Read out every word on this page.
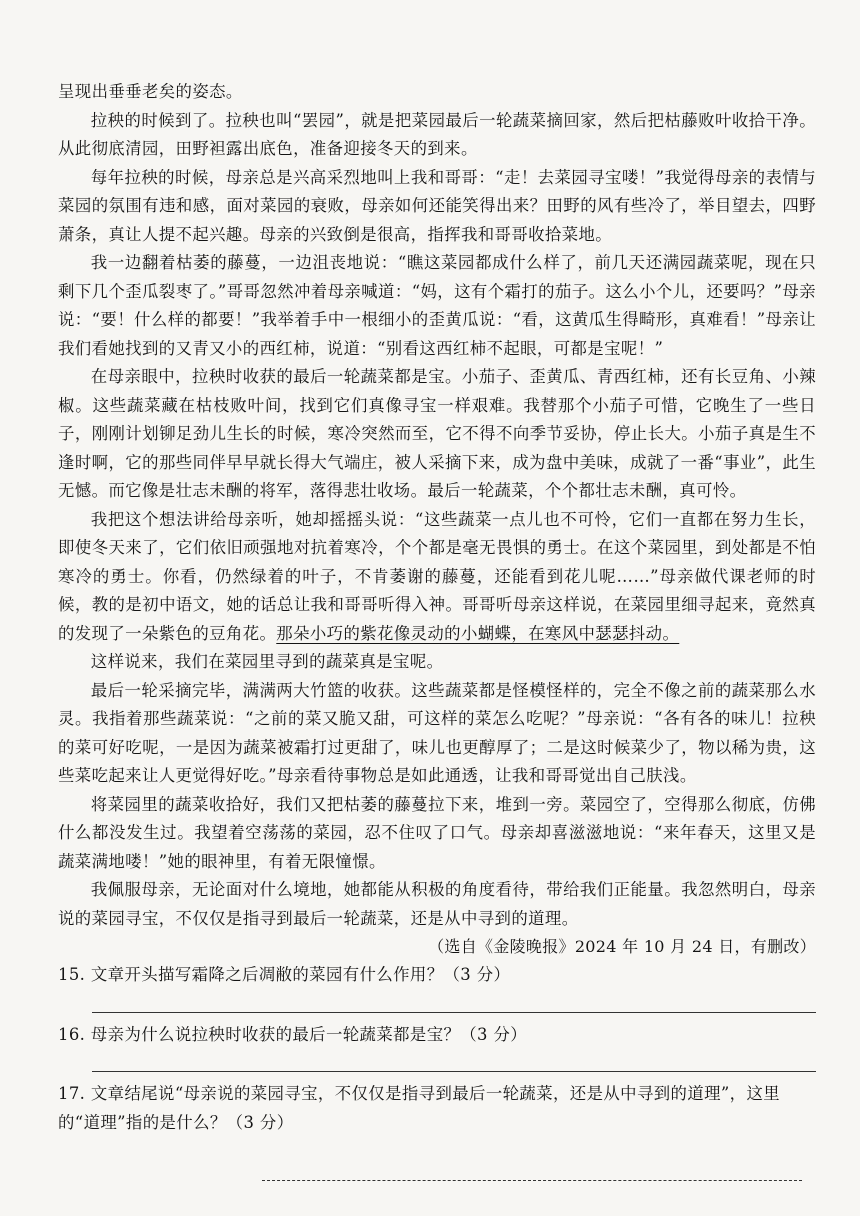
呈现出垂垂老矣的姿态。

拉秧的时候到了。拉秧也叫“罢园”，就是把菜园最后一轮蔬菜摘回家，然后把枯藤败叶收拾干净。从此彻底清园，田野袒露出底色，准备迎接冬天的到来。

每年拉秧的时候，母亲总是兴高采烈地叫上我和哥哥：“走！去菜园寻宝喽！”我觉得母亲的表情与菜园的氛围有违和感，面对菜园的衰败，母亲如何还能笑得出来？田野的风有些冷了，举目望去，四野萧条，真让人提不起兴趣。母亲的兴致倒是很高，指挥我和哥哥收拾菜地。

我一边翻着枯萎的藤蔓，一边沮丧地说：“瞧这菜园都成什么样了，前几天还满园蔬菜呢，现在只剩下几个歪瓜裂枣了。”哥哥忽然冲着母亲喊道：“妈，这有个霜打的茄子。这么小个儿，还要吗？”母亲说：“要！什么样的都要！”我举着手中一根细小的歪黄瓜说：“看，这黄瓜生得畸形，真难看！”母亲让我们看她找到的又青又小的西红柿，说道：“别看这西红柿不起眼，可都是宝呢！”

在母亲眼中，拉秧时收获的最后一轮蔬菜都是宝。小茄子、歪黄瓜、青西红柿，还有长豆角、小辣椒。这些蔬菜藏在枯枝败叶间，找到它们真像寻宝一样艰难。我替那个小茄子可惜，它晚生了一些日子，刚刚计划铆足劲儿生长的时候，寒冷突然而至，它不得不向季节妥协，停止长大。小茄子真是生不逢时啊，它的那些同伴早早就长得大气端庄，被人采摘下来，成为盘中美味，成就了一番“事业”，此生无憾。而它像是壮志未酬的将军，落得悲壮收场。最后一轮蔬菜，个个都壮志未酬，真可怜。

我把这个想法讲给母亲听，她却摇摇头说：“这些蔬菜一点儿也不可怜，它们一直都在努力生长，即使冬天来了，它们依旧顽强地对抗着寒冷，个个都是毫无畏惧的勇士。在这个菜园里，到处都是不怕寒冷的勇士。你看，仍然绿着的叶子，不肯萎谢的藤蔓，还能看到花儿呢……”母亲做代课老师的时候，教的是初中语文，她的话总让我和哥哥听得入神。哥哥听母亲这样说，在菜园里细寻起来，竟然真的发现了一朵紫色的豆角花。那朵小巧的紫花像灵动的小蝴蝶，在寒风中瑟瑟抖动。

这样说来，我们在菜园里寻到的蔬菜真是宝呢。

最后一轮采摘完毕，满满两大竹篮的收获。这些蔬菜都是怪模怪样的，完全不像之前的蔬菜那么水灵。我指着那些蔬菜说：“之前的菜又脆又甜，可这样的菜怎么吃呢？”母亲说：“各有各的味儿！拉秧的菜可好吃呢，一是因为蔬菜被霜打过更甜了，味儿也更醇厚了；二是这时候菜少了，物以稀为贵，这些菜吃起来让人更觉得好吃。”母亲看待事物总是如此通透，让我和哥哥觉出自己肤浅。

将菜园里的蔬菜收拾好，我们又把枯萎的藤蔓拉下来，堆到一旁。菜园空了，空得那么彻底，仿佛什么都没发生过。我望着空荡荡的菜园，忍不住叹了口气。母亲却喜滋滋地说：“来年春天，这里又是蔬菜满地喽！”她的眼神里，有着无限憧憬。

我佩服母亲，无论面对什么境地，她都能从积极的角度看待，带给我们正能量。我忽然明白，母亲说的菜园寻宝，不仅仅是指寻到最后一轮蔬菜，还是从中寻到的道理。

（选自《金陵晚报》2024 年 10 月 24 日，有删改）

15. 文章开头描写霜降之后凋敝的菜园有什么作用？（3 分）

16. 母亲为什么说拉秧时收获的最后一轮蔬菜都是宝？（3 分）

17. 文章结尾说“母亲说的菜园寻宝，不仅仅是指寻到最后一轮蔬菜，还是从中寻到的道理”，这里的“道理”指的是什么？（3 分）
